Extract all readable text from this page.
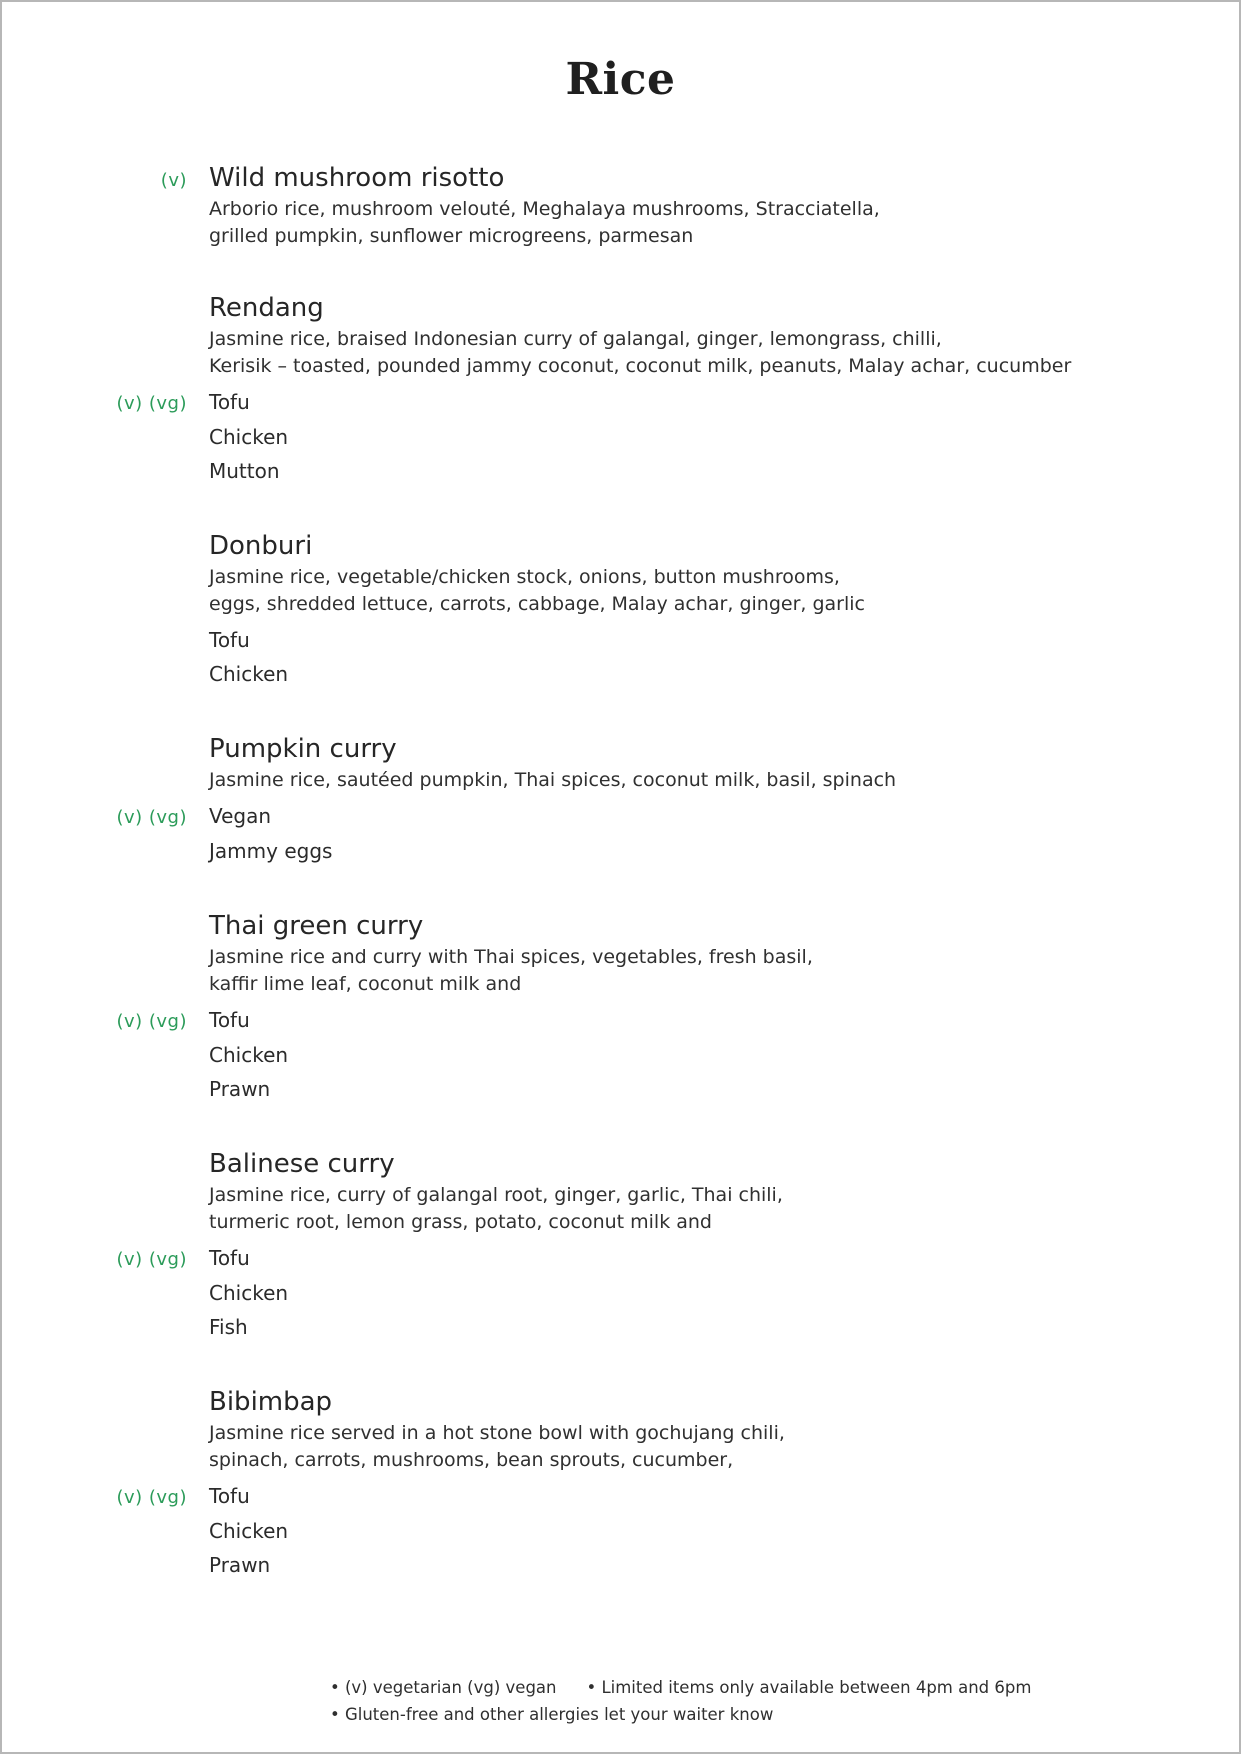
Rice
(v) Wild mushroom risotto

Arborio rice, mushroom velouté, Meghalaya mushrooms, Stracciatella,
grilled pumpkin, sunflower microgreens, parmesan

Rendang

Jasmine rice, braised Indonesian curry of galangal, ginger, lemongrass, chilli,
Kerisik – toasted, pounded jammy coconut, coconut milk, peanuts, Malay achar, cucumber

(v) (vg)	Tofu
Chicken
Mutton
Donburi

Jasmine rice, vegetable/chicken stock, onions, button mushrooms,
eggs, shredded lettuce, carrots, cabbage, Malay achar, ginger, garlic

Tofu
Chicken
Pumpkin curry

Jasmine rice, sautéed pumpkin, Thai spices, coconut milk, basil, spinach

(v) (vg)	Vegan
Jammy eggs
Thai green curry

Jasmine rice and curry with Thai spices, vegetables, fresh basil,
kaffir lime leaf, coconut milk and

(v) (vg)	Tofu
Chicken
Prawn
Balinese curry

Jasmine rice, curry of galangal root, ginger, garlic, Thai chili,
turmeric root, lemon grass, potato, coconut milk and

(v) (vg)	Tofu
Chicken
Fish
Bibimbap

Jasmine rice served in a hot stone bowl with gochujang chili,
spinach, carrots, mushrooms, bean sprouts, cucumber,

(v) (vg)	Tofu
Chicken
Prawn
• (v) vegetarian (vg) vegan • Limited items only available between 4pm and 6pm
• Gluten-free and other allergies let your waiter know
